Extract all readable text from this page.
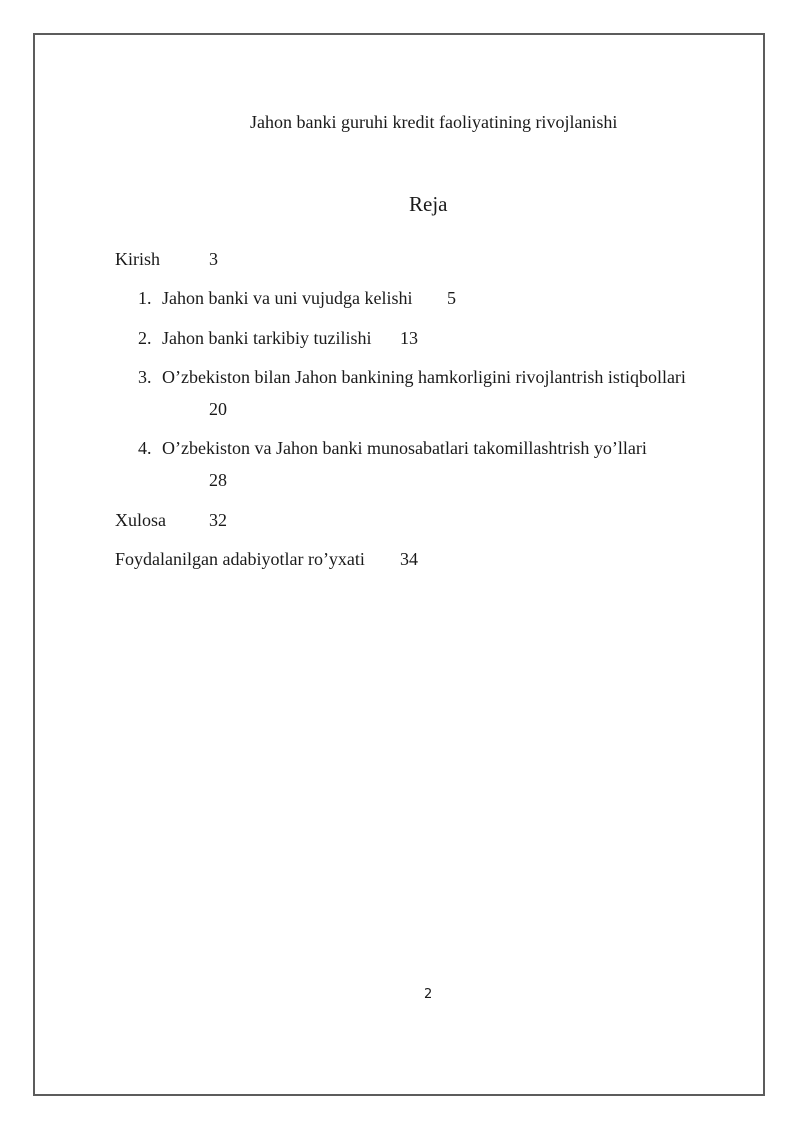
Jahon banki guruhi kredit faoliyatining rivojlanishi
Reja
Kirish	3
1. Jahon banki va uni vujudga kelishi 5
2. Jahon banki tarkibiy tuzilishi 13
3. O’zbekiston bilan Jahon bankining hamkorligini rivojlantrish istiqbollari
20
4. O’zbekiston va Jahon banki munosabatlari takomillashtrish yo’llari
28
Xulosa 32
Foydalanilgan adabiyotlar ro’yxati 34
2
